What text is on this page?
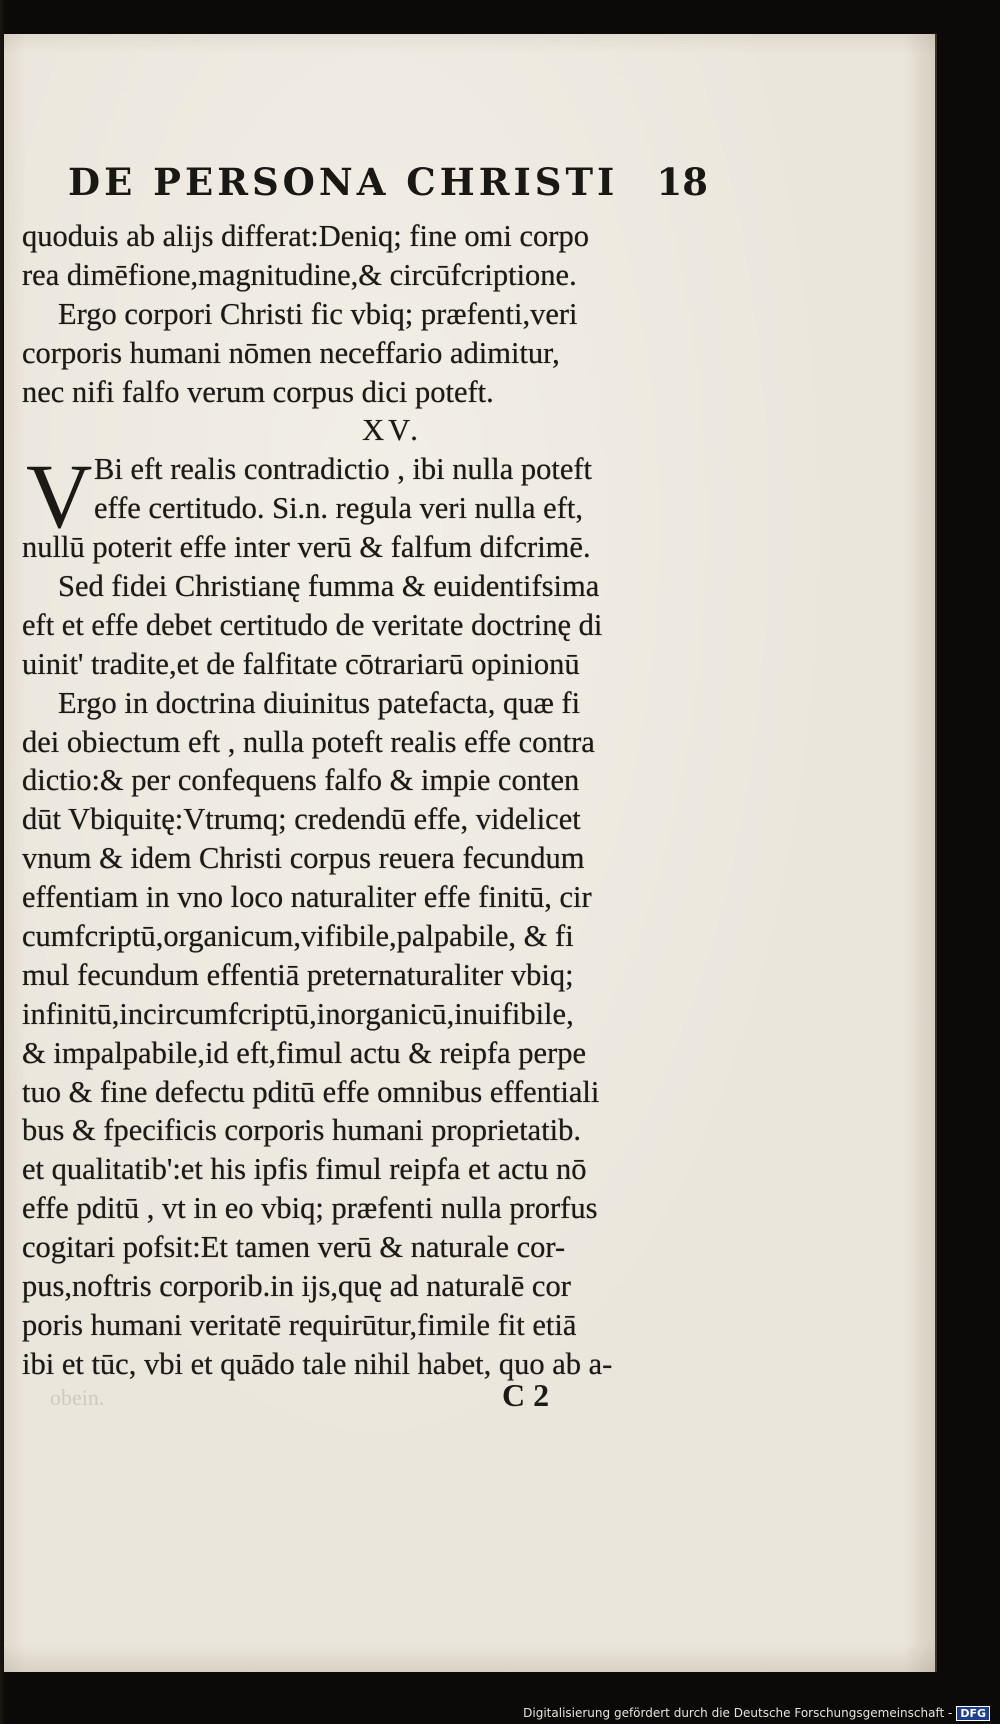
DE PERSONA CHRISTI 18
V
quoduis ab alijs differat:Deniq; fine omi corpo
rea dimēfione,magnitudine,& circūfcriptione.
Ergo corpori Christi fic vbiq; præfenti,veri
corporis humani nōmen neceffario adimitur,
nec nifi falfo verum corpus dici poteft.
XV.
Bi eft realis contradictio , ibi nulla poteft
effe certitudo. Si.n. regula veri nulla eft,
nullū poterit effe inter verū & falfum difcrimē.
Sed fidei Christianę fumma & euidentifsima
eft et effe debet certitudo de veritate doctrinę di
uinit' tradite,et de falfitate cōtrariarū opinionū
Ergo in doctrina diuinitus patefacta, quæ fi
dei obiectum eft , nulla poteft realis effe contra
dictio:& per confequens falfo & impie conten
dūt Vbiquitę:Vtrumq; credendū effe, videlicet
vnum & idem Christi corpus reuera fecundum
effentiam in vno loco naturaliter effe finitū, cir
cumfcriptū,organicum,vifibile,palpabile, & fi
mul fecundum effentiā preternaturaliter vbiq;
infinitū,incircumfcriptū,inorganicū,inuifibile,
& impalpabile,id eft,fimul actu & reipfa perpe
tuo & fine defectu pditū effe omnibus effentiali
bus & fpecificis corporis humani proprietatib.
et qualitatib':et his ipfis fimul reipfa et actu nō
effe pditū , vt in eo vbiq; præfenti nulla prorfus
cogitari pofsit:Et tamen verū & naturale cor-
pus,noftris corporib.in ijs,quę ad naturalē cor
poris humani veritatē requirūtur,fimile fit etiā
ibi et tūc, vbi et quādo tale nihil habet, quo ab a-
obein.	C 2
Digitalisierung gefördert durch die Deutsche Forschungsgemeinschaft - DFG
